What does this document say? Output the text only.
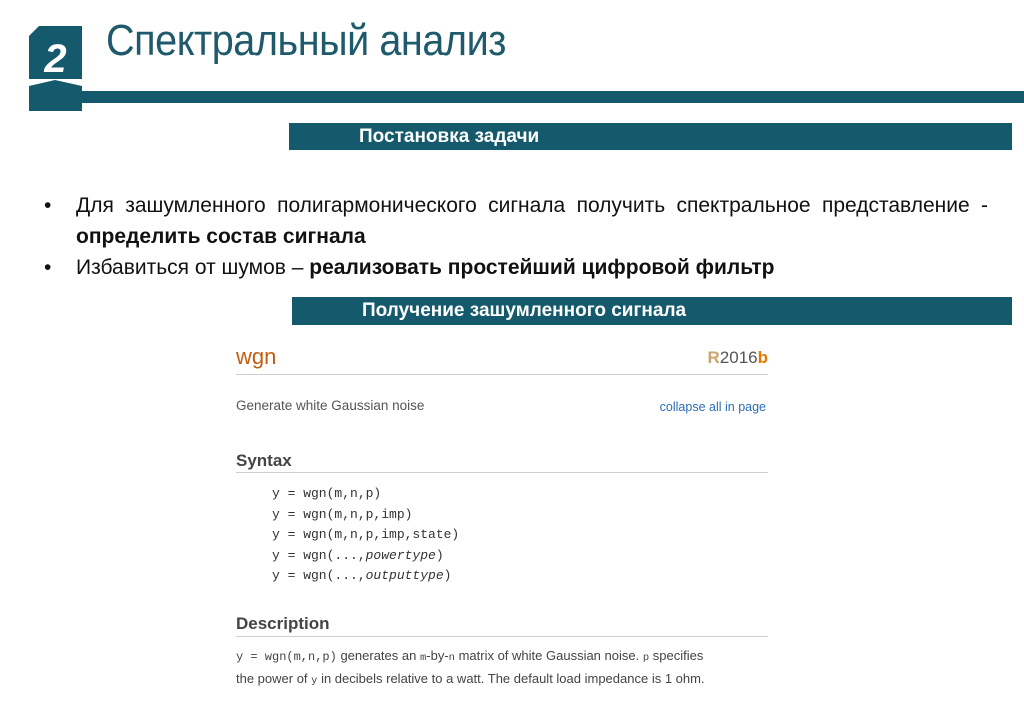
2 Спектральный анализ
Постановка задачи
• Для зашумленного полигармонического сигнала получить спектральное представление - определить состав сигнала
• Избавиться от шумов – реализовать простейший цифровой фильтр
Получение зашумленного сигнала
wgn	R2016b
Generate white Gaussian noise	collapse all in page
Syntax
y = wgn(m,n,p)
y = wgn(m,n,p,imp)
y = wgn(m,n,p,imp,state)
y = wgn(...,powertype)
y = wgn(...,outputtype)
Description
y = wgn(m,n,p) generates an m-by-n matrix of white Gaussian noise. p specifies
the power of y in decibels relative to a watt. The default load impedance is 1 ohm.
